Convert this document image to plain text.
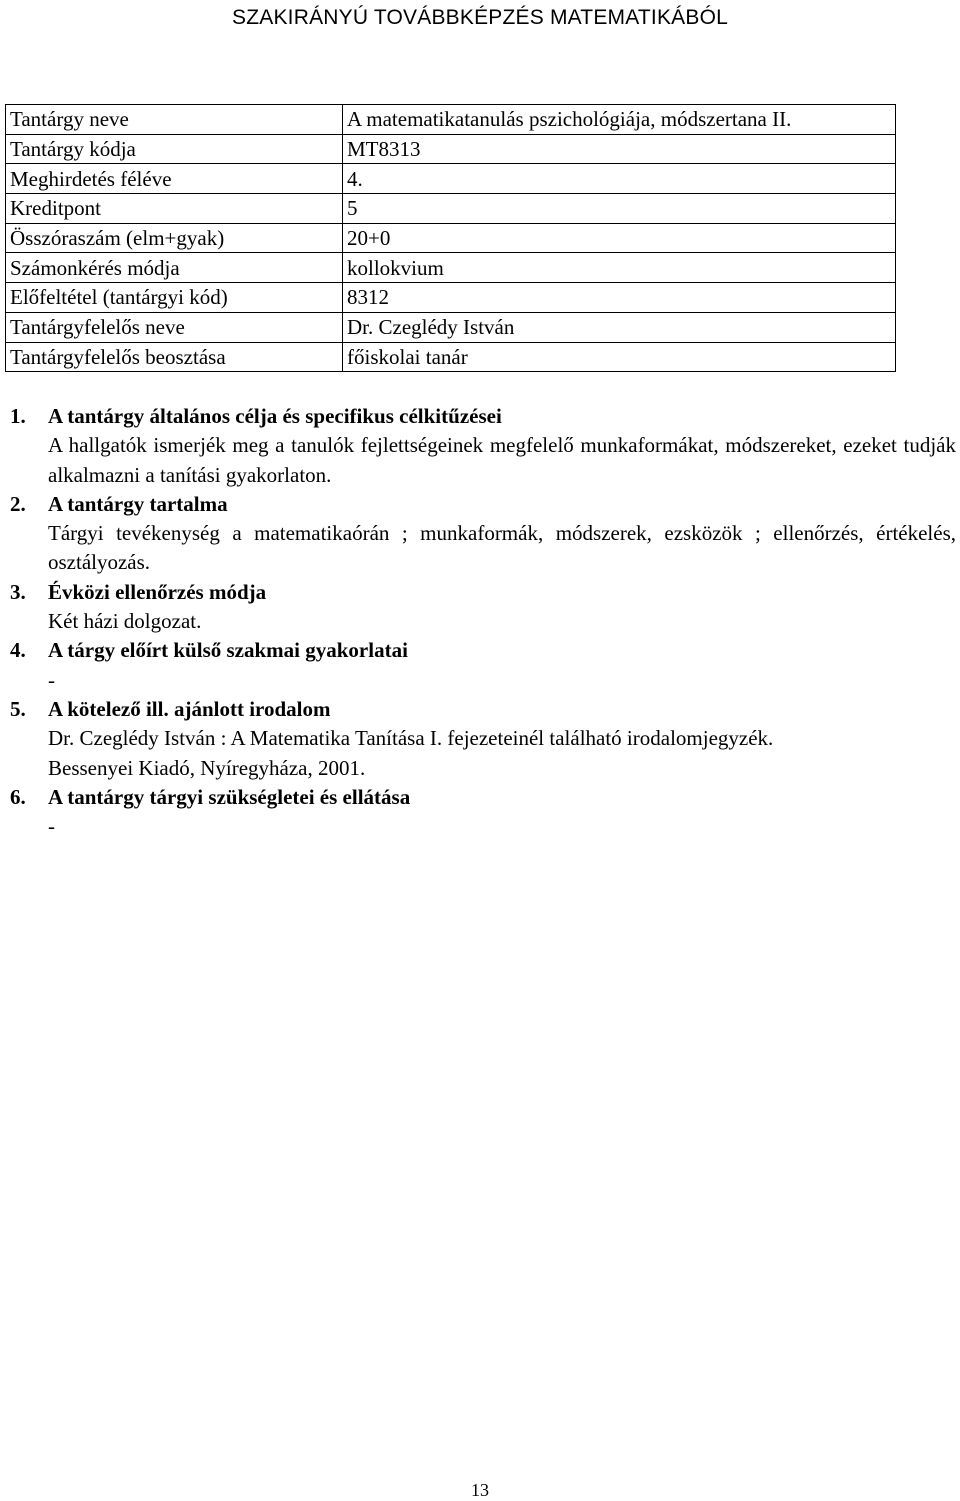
SZAKIRÁNYÚ TOVÁBBKÉPZÉS MATEMATIKÁBÓL
Tantárgy neve	A matematikatanulás pszichológiája, módszertana II.
Tantárgy kódja	MT8313
Meghirdetés féléve	4.
Kreditpont	5
Összóraszám (elm+gyak)	20+0
Számonkérés módja	kollokvium
Előfeltétel (tantárgyi kód)	8312
Tantárgyfelelős neve	Dr. Czeglédy István
Tantárgyfelelős beosztása	főiskolai tanár
1. A tantárgy általános célja és specifikus célkitűzései
A hallgatók ismerjék meg a tanulók fejlettségeinek megfelelő munkaformákat, módszereket, ezeket tudják alkalmazni a tanítási gyakorlaton.
2. A tantárgy tartalma
Tárgyi tevékenység a matematikaórán ; munkaformák, módszerek, ezsközök ; ellenőrzés, értékelés, osztályozás.
3. Évközi ellenőrzés módja
Két házi dolgozat.
4. A tárgy előírt külső szakmai gyakorlatai
-
5. A kötelező ill. ajánlott irodalom
Dr. Czeglédy István : A Matematika Tanítása I. fejezeteinél található irodalomjegyzék.
Bessenyei Kiadó, Nyíregyháza, 2001.
6. A tantárgy tárgyi szükségletei és ellátása
-
13
